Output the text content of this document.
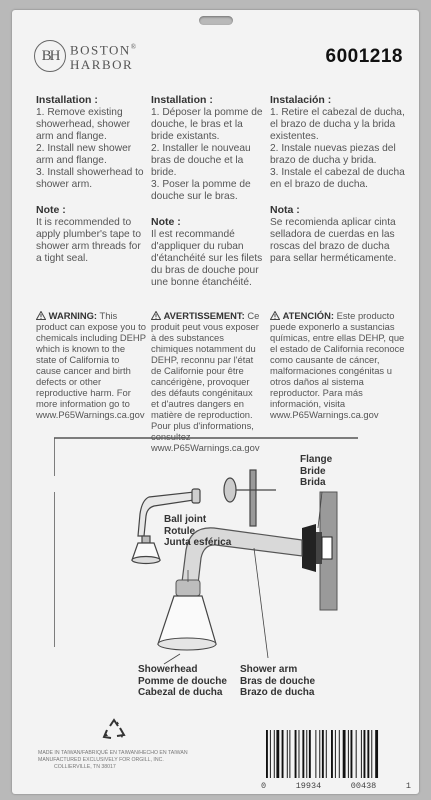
BH BOSTON®
HARBOR	6001218
Installation :
1. Remove existing showerhead, shower arm and flange.
2. Install new shower arm and flange.
3. Install showerhead to shower arm.
Note :
It is recommended to apply plumber's tape to shower arm threads for a tight seal.
Installation :
1. Déposer la pomme de douche, le bras et la bride existants.
2. Installer le nouveau bras de douche et la bride.
3. Poser la pomme de douche sur le bras.
Note :
Il est recommandé d'appliquer du ruban d'étanchéité sur les filets du bras de douche pour une bonne étanchéité.
Instalación :
1. Retire el cabezal de ducha, el brazo de ducha y la brida existentes.
2. Instale nuevas piezas del brazo de ducha y brida.
3. Instale el cabezal de ducha en el brazo de ducha.
Nota :
Se recomienda aplicar cinta selladora de cuerdas en las roscas del brazo de ducha para sellar herméticamente.
WARNING: This product can expose you to chemicals including DEHP which is known to the state of California to cause cancer and birth defects or other reproductive harm. For more information go to www.P65Warnings.ca.gov
AVERTISSEMENT: Ce produit peut vous exposer à des substances chimiques notamment du DEHP, reconnu par l'état de Californie pour être cancérigène, provoquer des défauts congénitaux et d'autres dangers en matière de reproduction. Pour plus d'informations, consultez www.P65Warnings.ca.gov
ATENCIÓN: Este producto puede exponerlo a sustancias químicas, entre ellas DEHP, que el estado de California reconoce como causante de cáncer, malformaciones congénitas u otros daños al sistema reproductor. Para más información, visita www.P65Warnings.ca.gov
Flange
Bride
Brida
Ball joint
Rotule
Junta esférica
Showerhead
Pomme de douche
Cabezal de ducha
Shower arm
Bras de douche
Brazo de ducha
MADE IN TAIWAN/FABRIQUÉ EN TAIWAN/HECHO EN TAIWAN
MANUFACTURED EXCLUSIVELY FOR ORGILL, INC.
COLLIERVILLE, TN 38017
0	19934	00438	1
